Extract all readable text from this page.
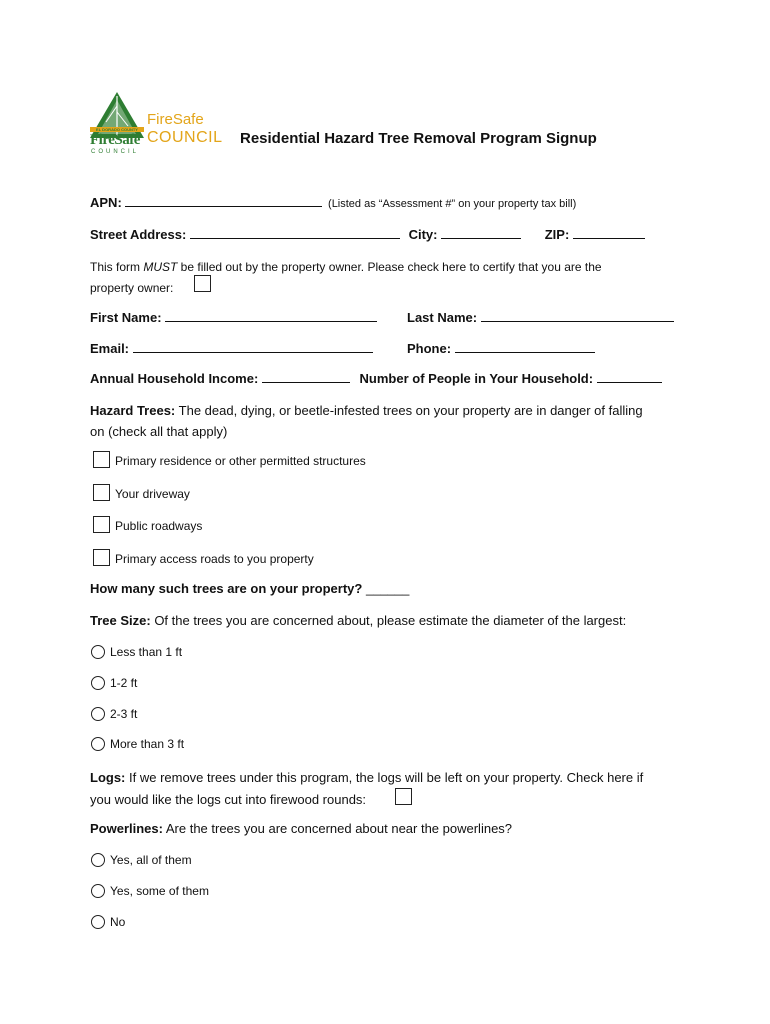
EL DORADO COUNTY
FireSafe
COUNCIL
FireSafe
COUNCIL Residential Hazard Tree Removal Program Signup
APN:	(Listed as “Assessment #” on your property tax bill)
Street Address:	City:	ZIP:
This form MUST be filled out by the property owner. Please check here to certify that you are the
property owner:
First Name:	Last Name:
Email:	Phone:
Annual Household Income:	Number of People in Your Household:
Hazard Trees: The dead, dying, or beetle-infested trees on your property are in danger of falling
on (check all that apply)
Primary residence or other permitted structures
Your driveway
Public roadways
Primary access roads to you property
How many such trees are on your property? ______
Tree Size: Of the trees you are concerned about, please estimate the diameter of the largest:
Less than 1 ft
1-2 ft
2-3 ft
More than 3 ft
Logs: If we remove trees under this program, the logs will be left on your property. Check here if
you would like the logs cut into firewood rounds:
Powerlines: Are the trees you are concerned about near the powerlines?
Yes, all of them
Yes, some of them
No
